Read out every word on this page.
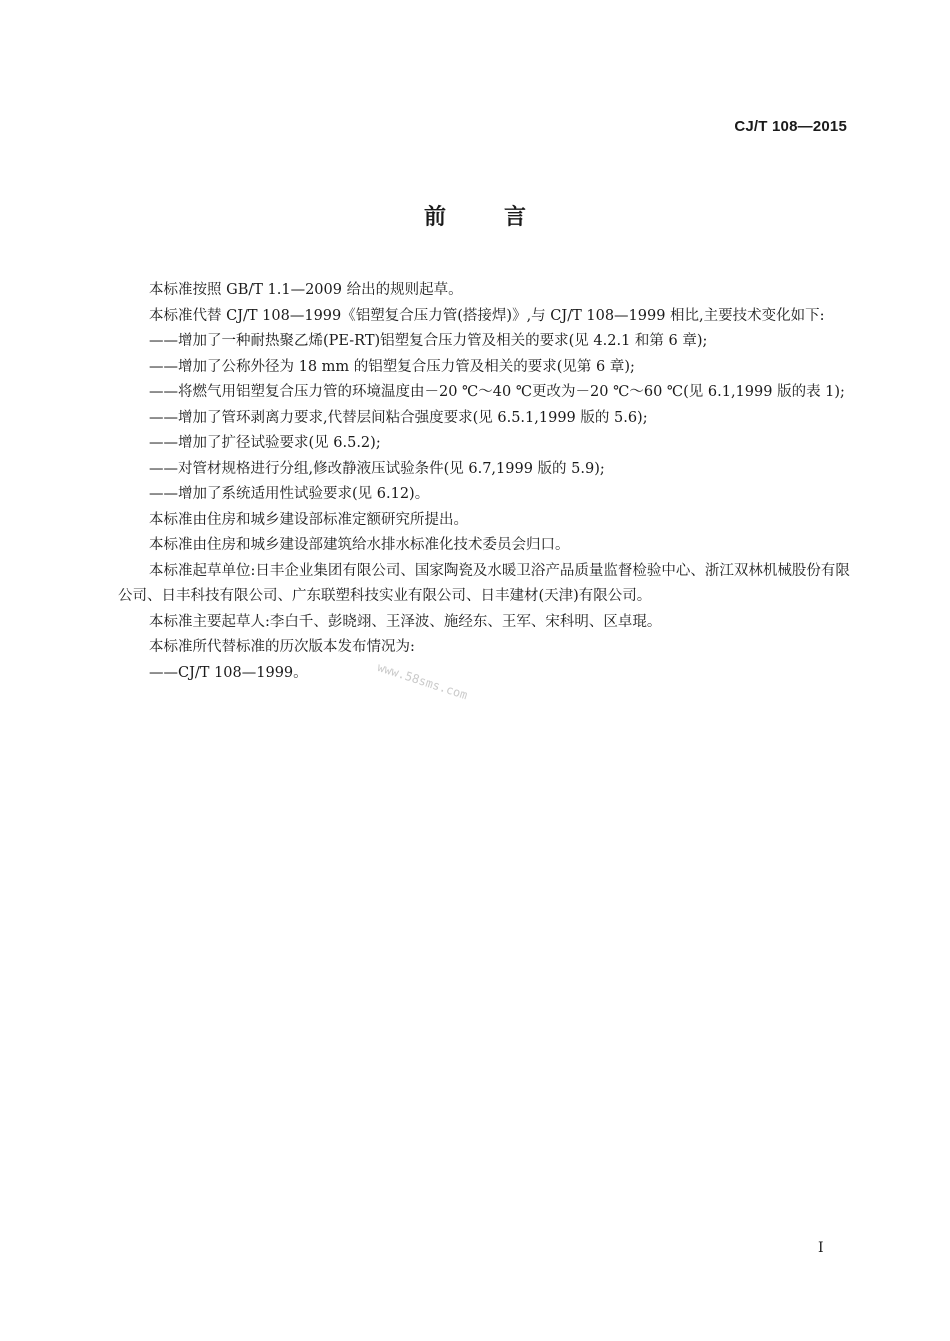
CJ/T 108—2015
前言

本标准按照 GB/T 1.1—2009 给出的规则起草。

本标准代替 CJ/T 108—1999《铝塑复合压力管(搭接焊)》,与 CJ/T 108—1999 相比,主要技术变化如下:

——增加了一种耐热聚乙烯(PE-RT)铝塑复合压力管及相关的要求(见 4.2.1 和第 6 章);

——增加了公称外径为 18 mm 的铝塑复合压力管及相关的要求(见第 6 章);

——将燃气用铝塑复合压力管的环境温度由－20 ℃～40 ℃更改为－20 ℃～60 ℃(见 6.1,1999 版的表 1);

——增加了管环剥离力要求,代替层间粘合强度要求(见 6.5.1,1999 版的 5.6);

——增加了扩径试验要求(见 6.5.2);

——对管材规格进行分组,修改静液压试验条件(见 6.7,1999 版的 5.9);

——增加了系统适用性试验要求(见 6.12)。

本标准由住房和城乡建设部标准定额研究所提出。

本标准由住房和城乡建设部建筑给水排水标准化技术委员会归口。

本标准起草单位:日丰企业集团有限公司、国家陶瓷及水暖卫浴产品质量监督检验中心、浙江双林机械股份有限公司、日丰科技有限公司、广东联塑科技实业有限公司、日丰建材(天津)有限公司。

本标准主要起草人:李白千、彭晓翊、王泽波、施经东、王军、宋科明、区卓琨。

本标准所代替标准的历次版本发布情况为:

——CJ/T 108—1999。	www.58sms.com
I
